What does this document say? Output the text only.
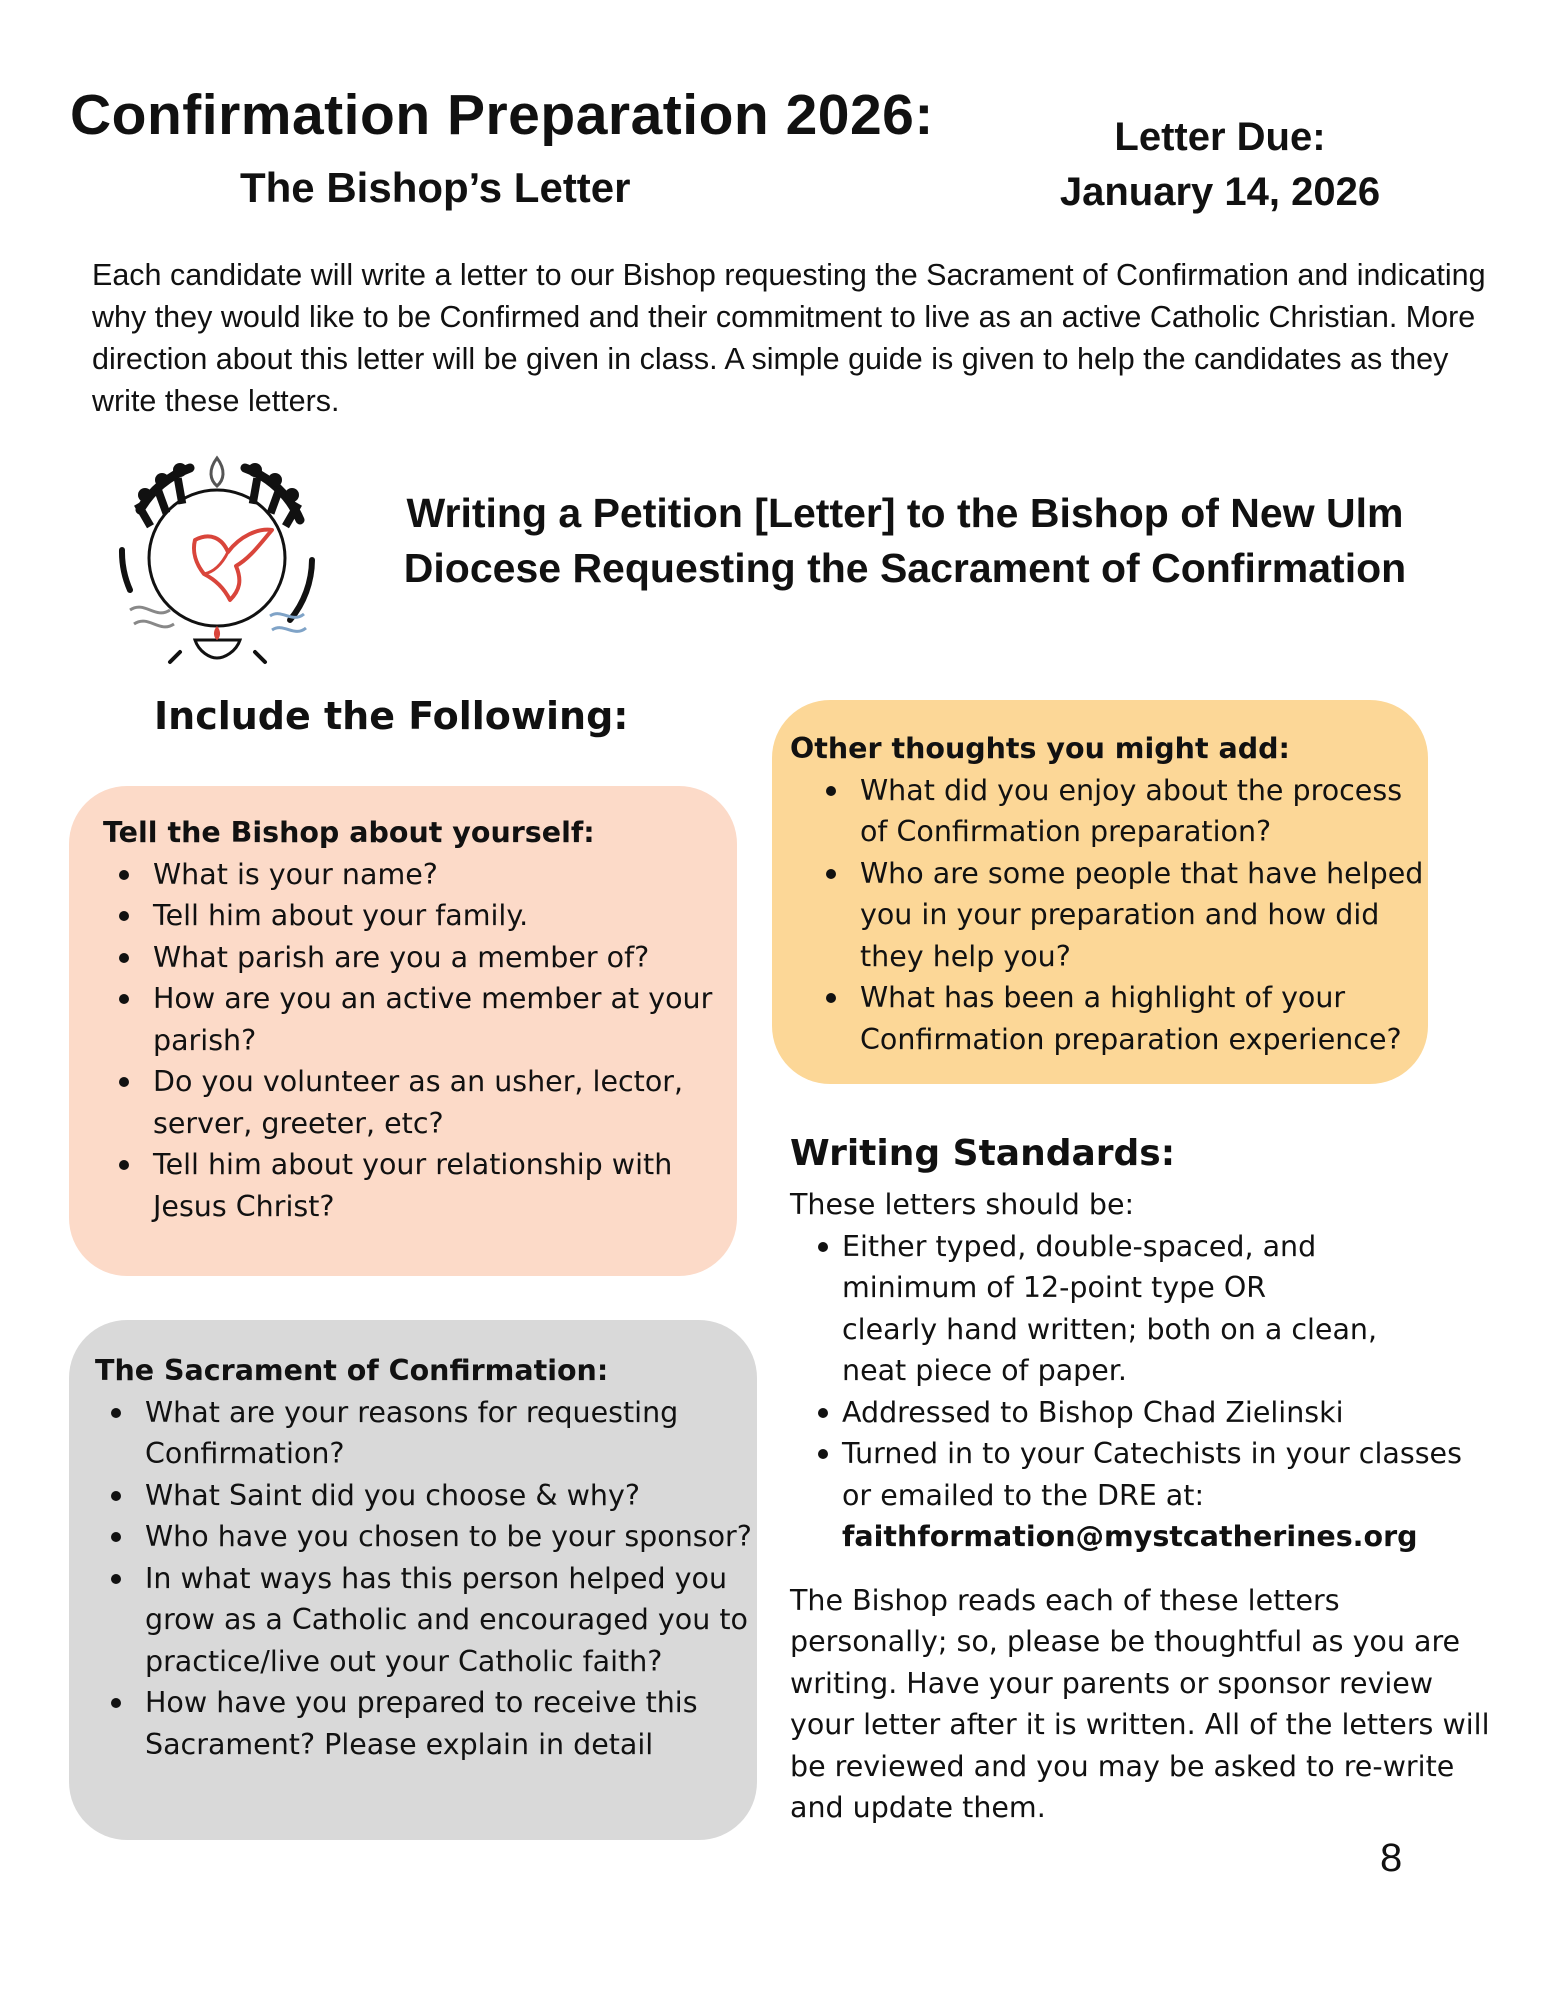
Confirmation Preparation 2026:
The Bishop’s Letter
Letter Due:
January 14, 2026

Each candidate will write a letter to our Bishop requesting the Sacrament of Confirmation and indicating why they would like to be Confirmed and their commitment to live as an active Catholic Christian. More direction about this letter will be given in class. A simple guide is given to help the candidates as they write these letters.

Writing a Petition [Letter] to the Bishop of New Ulm
Diocese Requesting the Sacrament of Confirmation
Include the Following:
Other thoughts you might add:
What did you enjoy about the process of Confirmation preparation?
Who are some people that have helped you in your preparation and how did they help you?
What has been a highlight of your Confirmation preparation experience?
Tell the Bishop about yourself:
What is your name?
Tell him about your family.
What parish are you a member of?
How are you an active member at your parish?
Do you volunteer as an usher, lector, server, greeter, etc?
Tell him about your relationship with Jesus Christ?
The Sacrament of Confirmation:
What are your reasons for requesting Confirmation?
What Saint did you choose & why?
Who have you chosen to be your sponsor?
In what ways has this person helped you grow as a Catholic and encouraged you to practice/live out your Catholic faith?
How have you prepared to receive this Sacrament? Please explain in detail
Writing Standards:

These letters should be:

Either typed, double-spaced, and
minimum of 12-point type OR
clearly hand written; both on a clean,
neat piece of paper.
Addressed to Bishop Chad Zielinski
Turned in to your Catechists in your classes or emailed to the DRE at:
faithformation@mystcatherines.org

The Bishop reads each of these letters personally; so, please be thoughtful as you are writing. Have your parents or sponsor review your letter after it is written. All of the letters will be reviewed and you may be asked to re-write and update them.

8
